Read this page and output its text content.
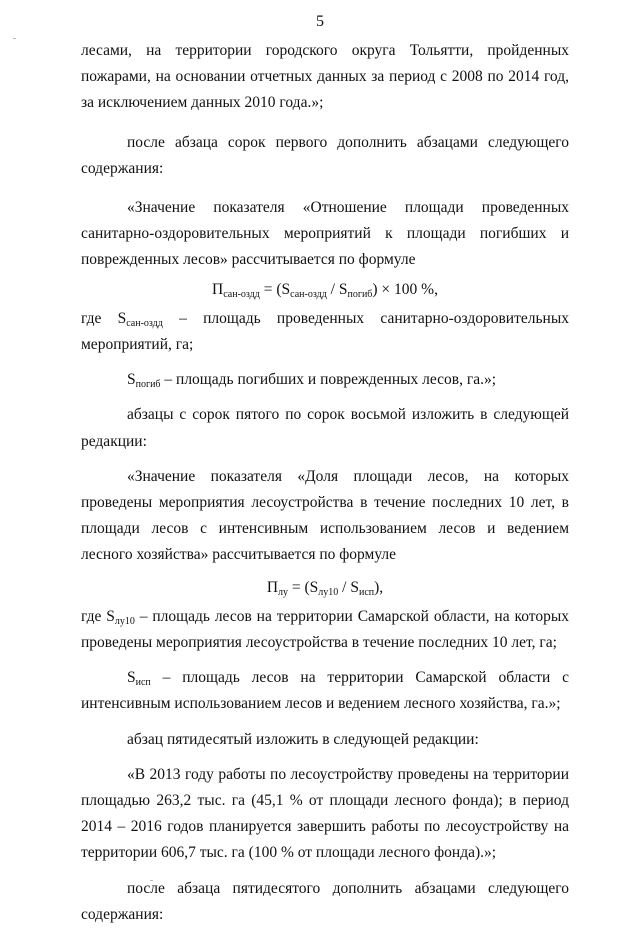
5

лесами, на территории городского округа Тольятти, пройденных пожарами, на основании отчетных данных за период с 2008 по 2014 год, за исключением данных 2010 года.»;

после абзаца сорок первого дополнить абзацами следующего содержания:

«Значение показателя «Отношение площади проведенных санитарно-оздоровительных мероприятий к площади погибших и поврежденных лесов» рассчитывается по формуле

$П_{сан-оздд} = (S_{сан-оздд} / S_{погиб}) \times 100$ %,

где $S_{сан-оздд}$ – площадь проведенных санитарно-оздоровительных мероприятий, га;

$S_{погиб}$ – площадь погибших и поврежденных лесов, га.»;

абзацы с сорок пятого по сорок восьмой изложить в следующей редакции:

«Значение показателя «Доля площади лесов, на которых проведены мероприятия лесоустройства в течение последних 10 лет, в площади лесов с интенсивным использованием лесов и ведением лесного хозяйства» рассчитывается по формуле

$П_{лу} = (S_{лу10} / S_{исп})$,

где $S_{лу10}$ – площадь лесов на территории Самарской области, на которых проведены мероприятия лесоустройства в течение последних 10 лет, га;

$S_{исп}$ – площадь лесов на территории Самарской области с интенсивным использованием лесов и ведением лесного хозяйства, га.»;

абзац пятидесятый изложить в следующей редакции:

«В 2013 году работы по лесоустройству проведены на территории площадью 263,2 тыс. га (45,1 % от площади лесного фонда); в период 2014 – 2016 годов планируется завершить работы по лесоустройству на территории 606,7 тыс. га (100 % от площади лесного фонда).»;

после абзаца пятидесятого дополнить абзацами следующего содержания:
